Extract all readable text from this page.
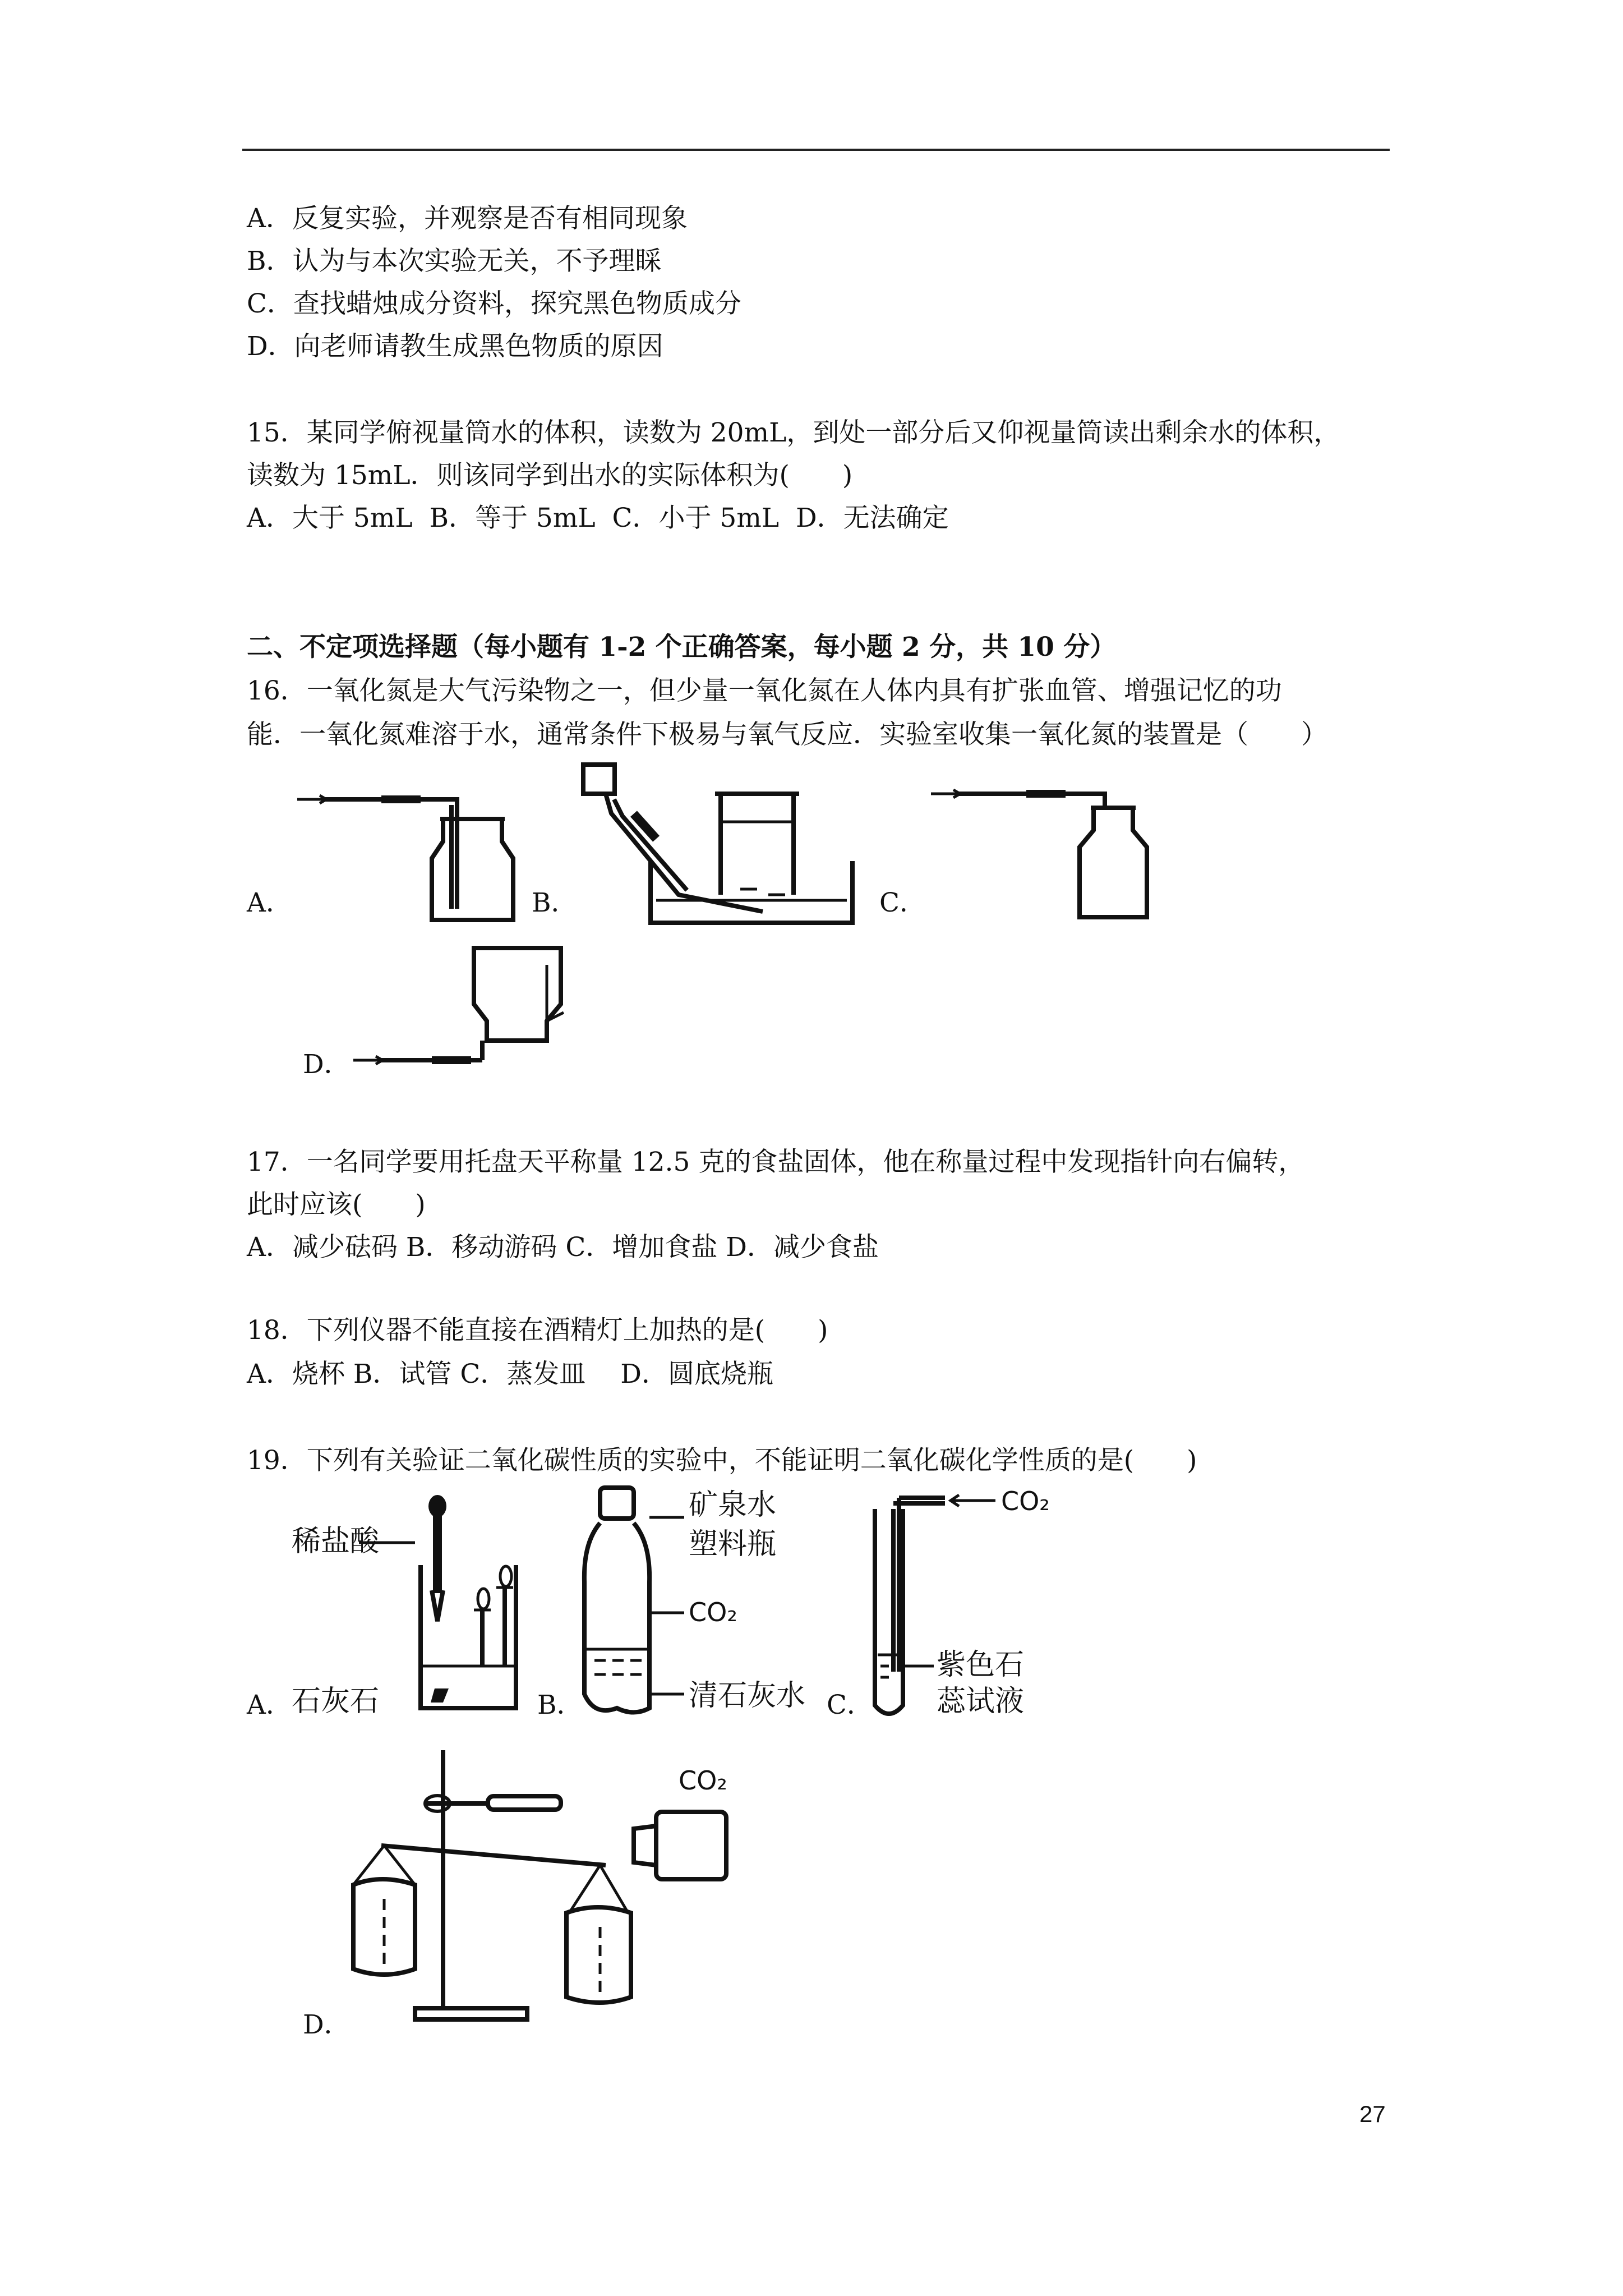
A．反复实验，并观察是否有相同现象
B．认为与本次实验无关，不予理睬
C．查找蜡烛成分资料，探究黑色物质成分
D．向老师请教生成黑色物质的原因
15．某同学俯视量筒水的体积，读数为 20mL，到处一部分后又仰视量筒读出剩余水的体积，
读数为 15mL．则该同学到出水的实际体积为(　　)
A．大于 5mL  B．等于 5mL  C．小于 5mL  D．无法确定
二、不定项选择题（每小题有 1-2 个正确答案，每小题 2 分，共 10 分）
16．一氧化氮是大气污染物之一，但少量一氧化氮在人体内具有扩张血管、增强记忆的功
能．一氧化氮难溶于水，通常条件下极易与氧气反应．实验室收集一氧化氮的装置是（　　）
A．	B．	C．
D．
17．一名同学要用托盘天平称量 12.5 克的食盐固体，他在称量过程中发现指针向右偏转，
此时应该(　　)
A．减少砝码 B．移动游码 C．增加食盐 D．减少食盐
18．下列仪器不能直接在酒精灯上加热的是(　　)
A．烧杯 B．试管 C．蒸发皿　 D．圆底烧瓶
19．下列有关验证二氧化碳性质的实验中，不能证明二氧化碳化学性质的是(　　)
稀盐酸
石灰石
A．
矿泉水
塑料瓶
CO₂
清石灰水
B．
CO₂
紫色石
蕊试液
C．
CO₂
D．
27
